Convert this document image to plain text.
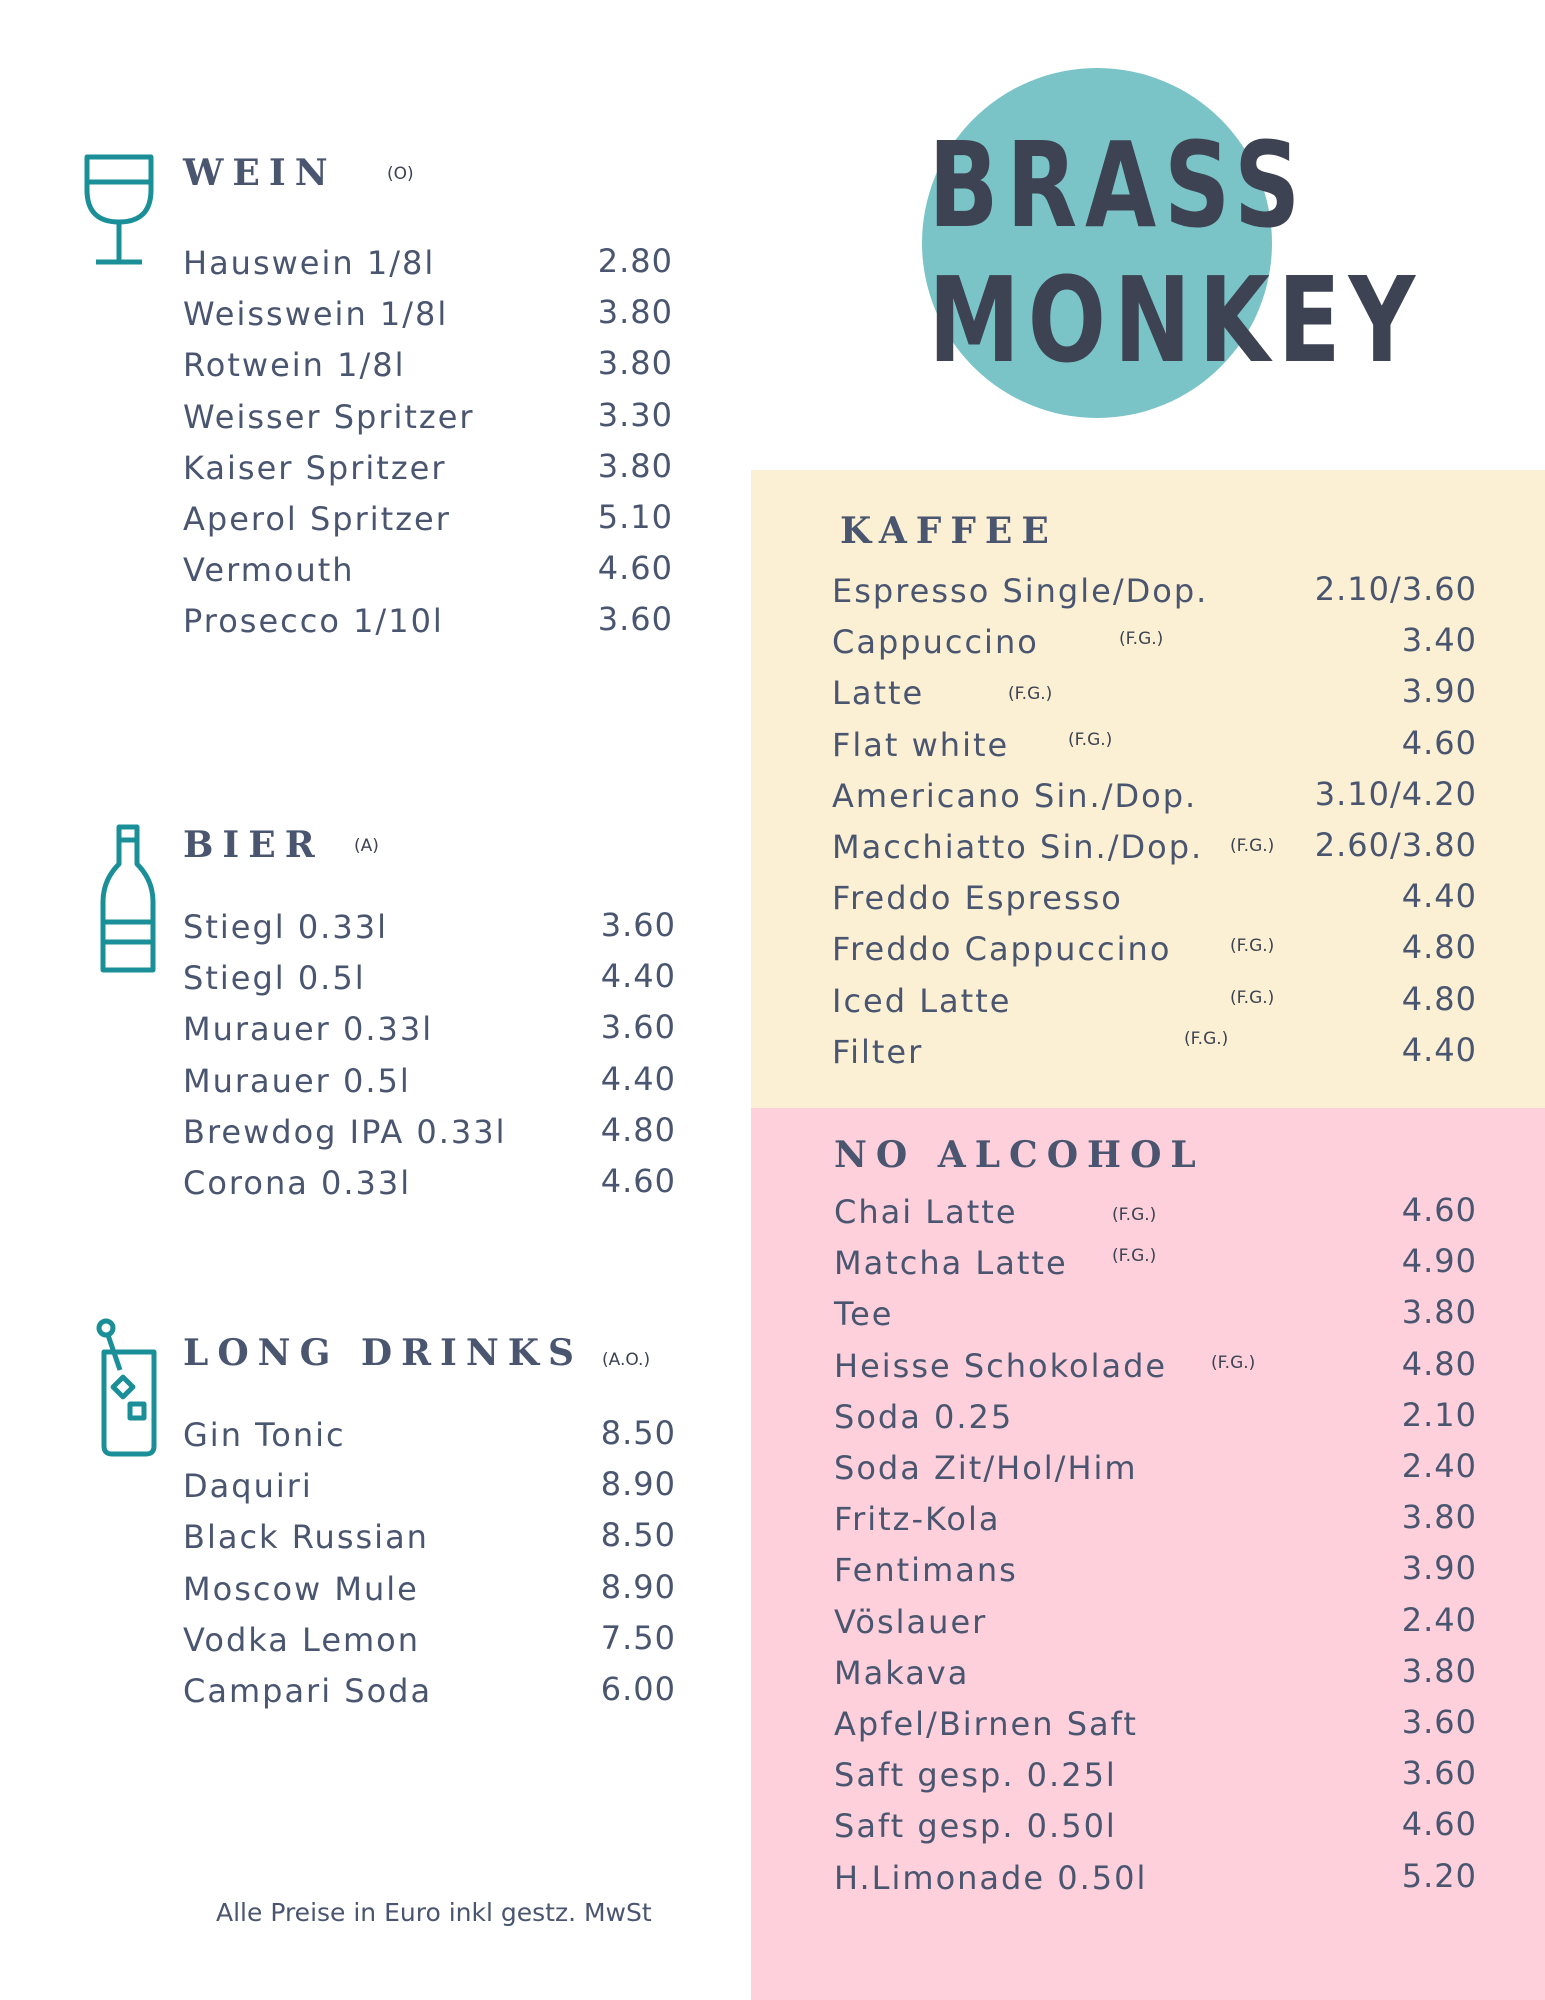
BRASS
MONKEY
WEIN	(O)
Hauswein 1/8l	2.80
Weisswein 1/8l	3.80
Rotwein 1/8l	3.80
Weisser Spritzer	3.30
Kaiser Spritzer	3.80
Aperol Spritzer	5.10
Vermouth	4.60
Prosecco 1/10l	3.60
BIER (A)
Stiegl 0.33l	3.60
Stiegl 0.5l	4.40
Murauer 0.33l	3.60
Murauer 0.5l	4.40
Brewdog IPA 0.33l	4.80
Corona 0.33l	4.60
LONG DRINKS (A.O.)
Gin Tonic	8.50
Daquiri	8.90
Black Russian	8.50
Moscow Mule	8.90
Vodka Lemon	7.50
Campari Soda	6.00
KAFFEE
Espresso Single/Dop.	2.10/3.60
Cappuccino	(F.G.)	3.40
Latte	(F.G.)	3.90
Flat white	(F.G.)	4.60
Americano Sin./Dop.	3.10/4.20
Macchiatto Sin./Dop. (F.G.) 2.60/3.80
Freddo Espresso	4.40
Freddo Cappuccino	(F.G.)	4.80
Iced Latte	(F.G.)	4.80
Filter	(F.G.)	4.40
NO ALCOHOL
Chai Latte	(F.G.)	4.60
Matcha Latte	(F.G.)	4.90
Tee	3.80
Heisse Schokolade	(F.G.)	4.80
Soda 0.25	2.10
Soda Zit/Hol/Him	2.40
Fritz-Kola	3.80
Fentimans	3.90
Vöslauer	2.40
Makava	3.80
Apfel/Birnen Saft	3.60
Saft gesp. 0.25l	3.60
Saft gesp. 0.50l	4.60
H.Limonade 0.50l	5.20
Alle Preise in Euro inkl gestz. MwSt
